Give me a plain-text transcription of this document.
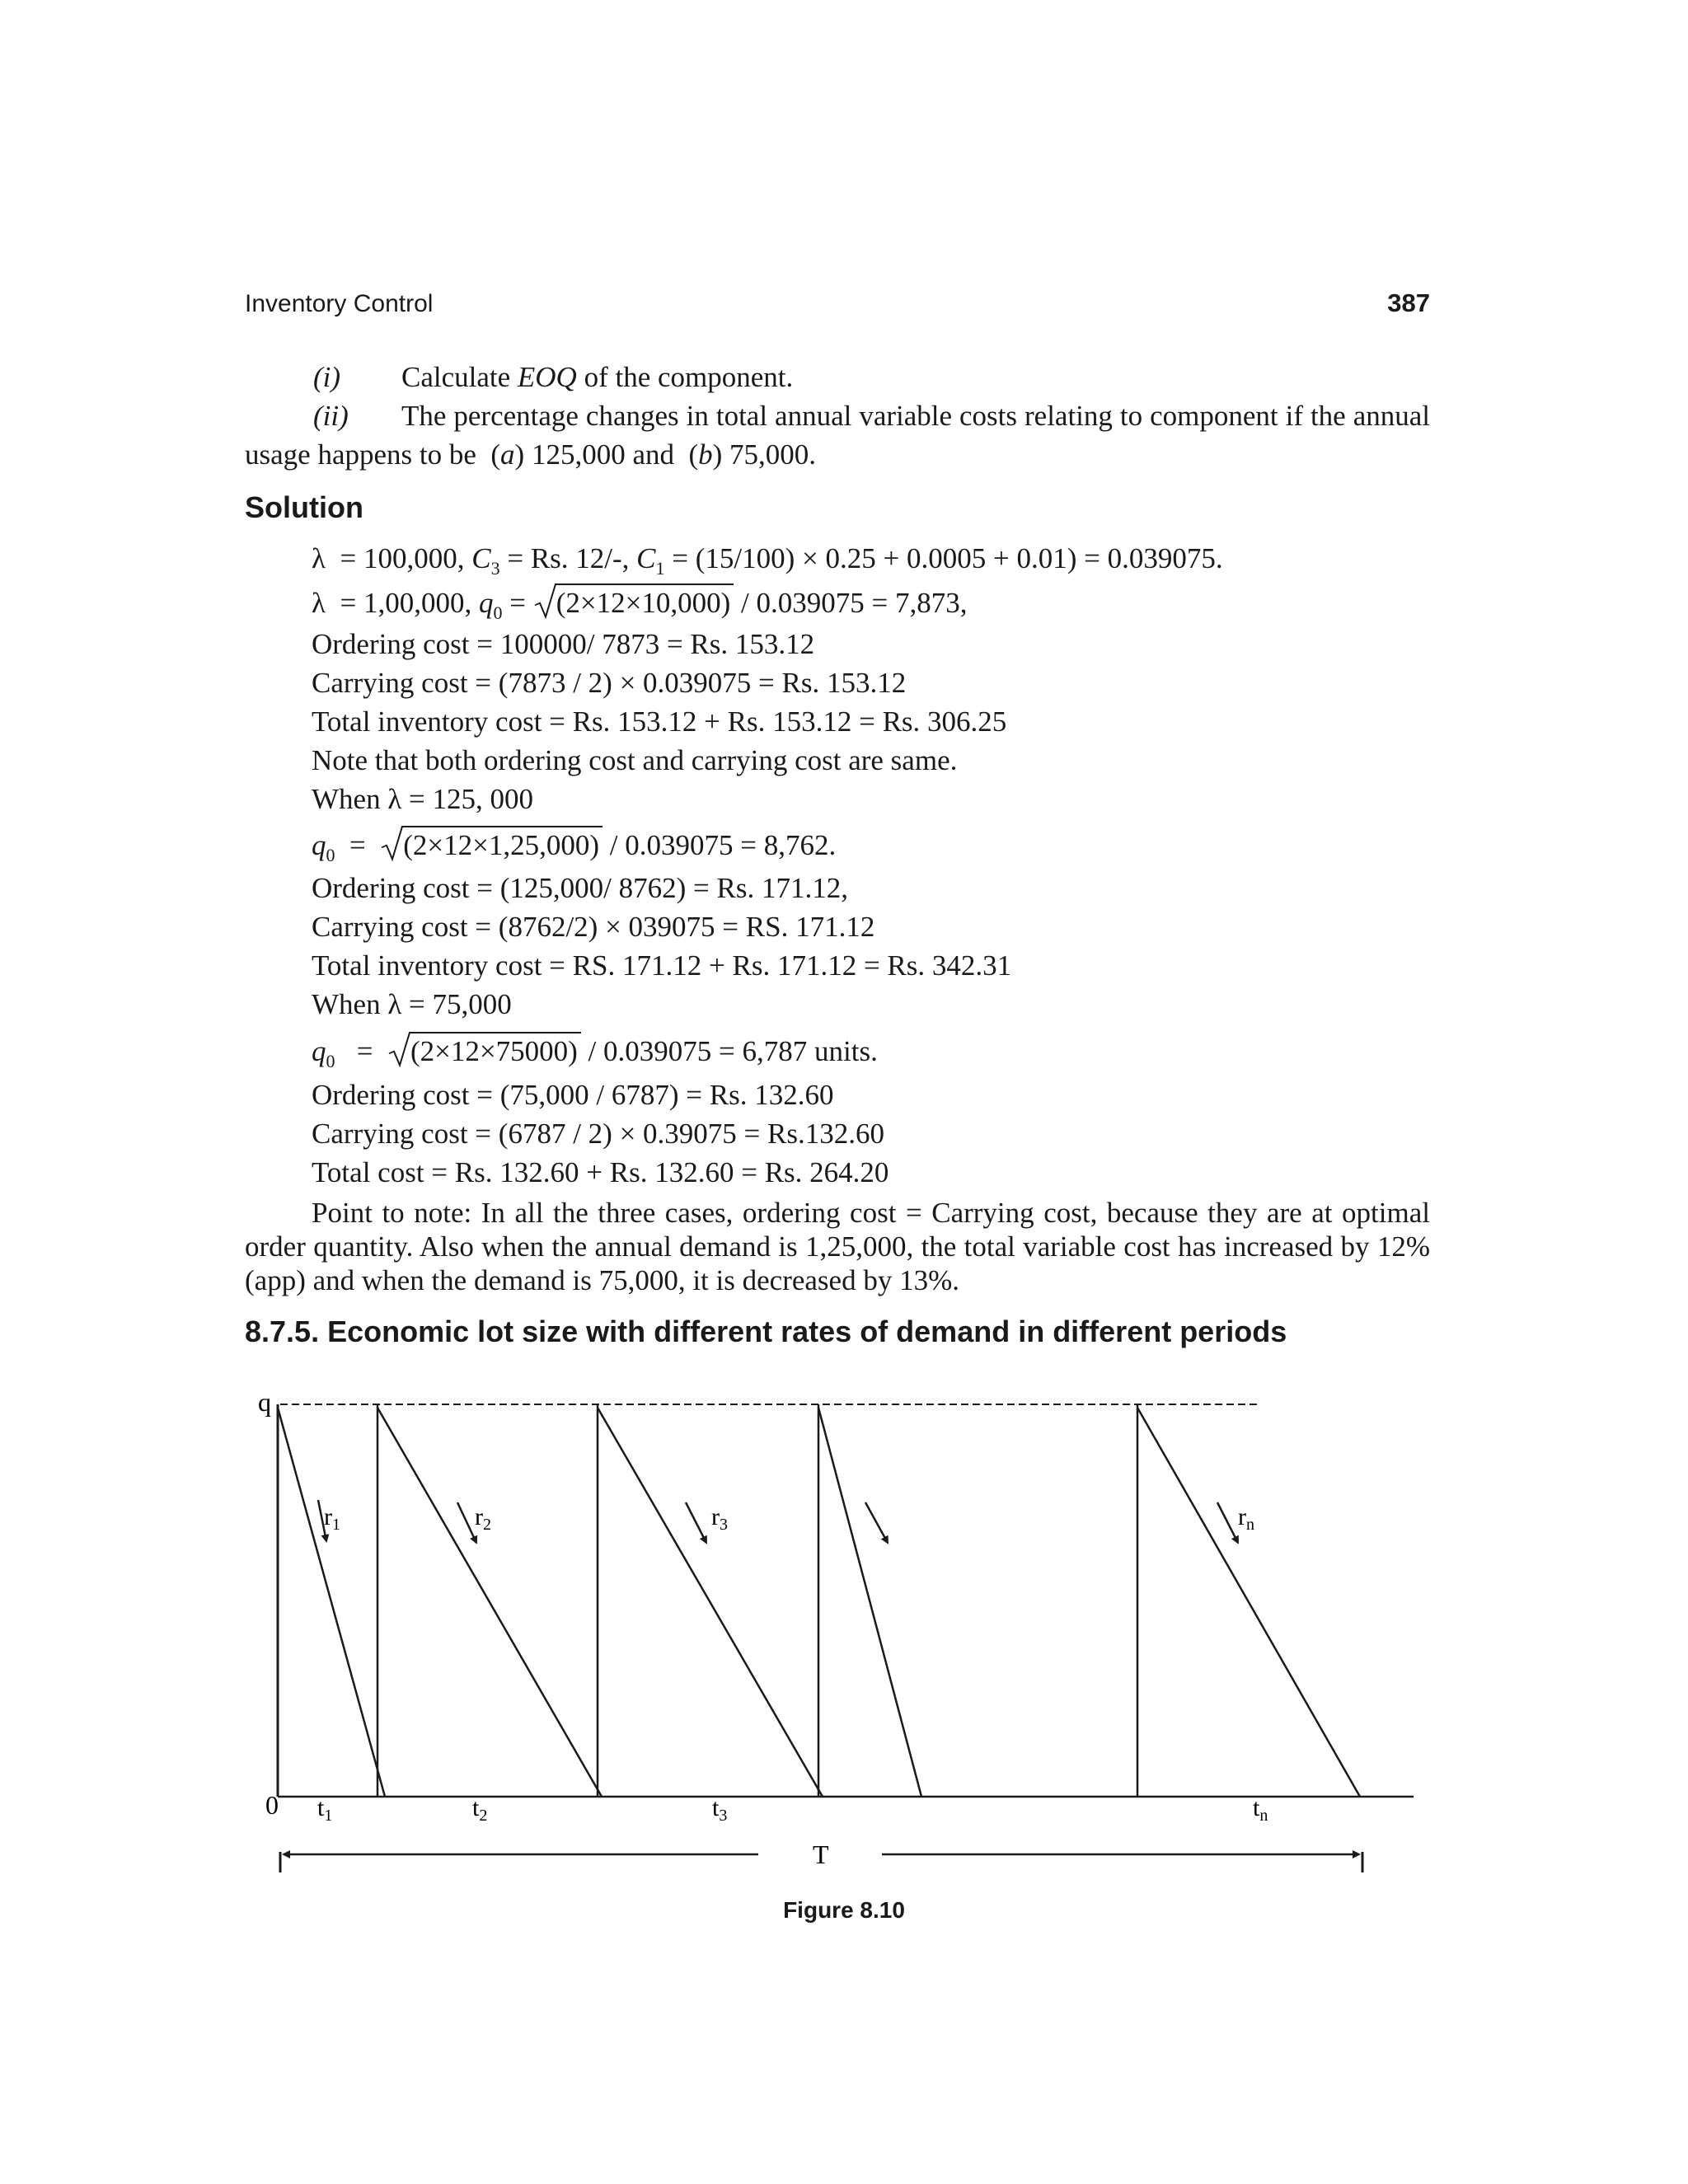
Inventory Control	387
(i) Calculate EOQ of the component.
(ii)	The percentage changes in total annual variable costs relating to component if the annual usage happens to be  (a) 125,000 and  (b) 75,000.
Solution
λ  = 100,000, $C_3 = Rs$. 12/-, $C_1 = (15/100) \times 0.25 + 0.0005 + 0.01) = 0.039075$.
λ  = 1,00,000, $q_0$ =
(2×12×10,000) / 0.039075 = 7,873,
Ordering cost = 100000/ 7873 = Rs. 153.12
Carrying cost = (7873 / 2) × 0.039075 = Rs. 153.12
Total inventory cost = Rs. 153.12 + Rs. 153.12 = Rs. 306.25
Note that both ordering cost and carrying cost are same.
When λ = 125, 000
$q_0$  =
(2×12×1,25,000) / 0.039075 = 8,762.
Ordering cost = (125,000/ 8762) = Rs. 171.12,
Carrying cost = (8762/2) × 039075 = RS. 171.12
Total inventory cost = RS. 171.12 + Rs. 171.12 = Rs. 342.31
When λ = 75,000
$q_0$   =
(2×12×75000) / 0.039075 = 6,787 units.
Ordering cost = (75,000 / 6787) = Rs. 132.60
Carrying cost = (6787 / 2) × 0.39075 = Rs.132.60
Total cost = Rs. 132.60 + Rs. 132.60 = Rs. 264.20
Point to note: In all the three cases, ordering cost = Carrying cost, because they are at optimal order quantity. Also when the annual demand is 1,25,000, the total variable cost has increased by 12% (app) and when the demand is 75,000, it is decreased by 13%.
8.7.5. Economic lot size with different rates of demand in different periods
q
0
$r_1$	$r_2$	$r_3$	$r_n$
$t_1$	$t_2$	$t_3$	$t_n$
T
Figure 8.10
